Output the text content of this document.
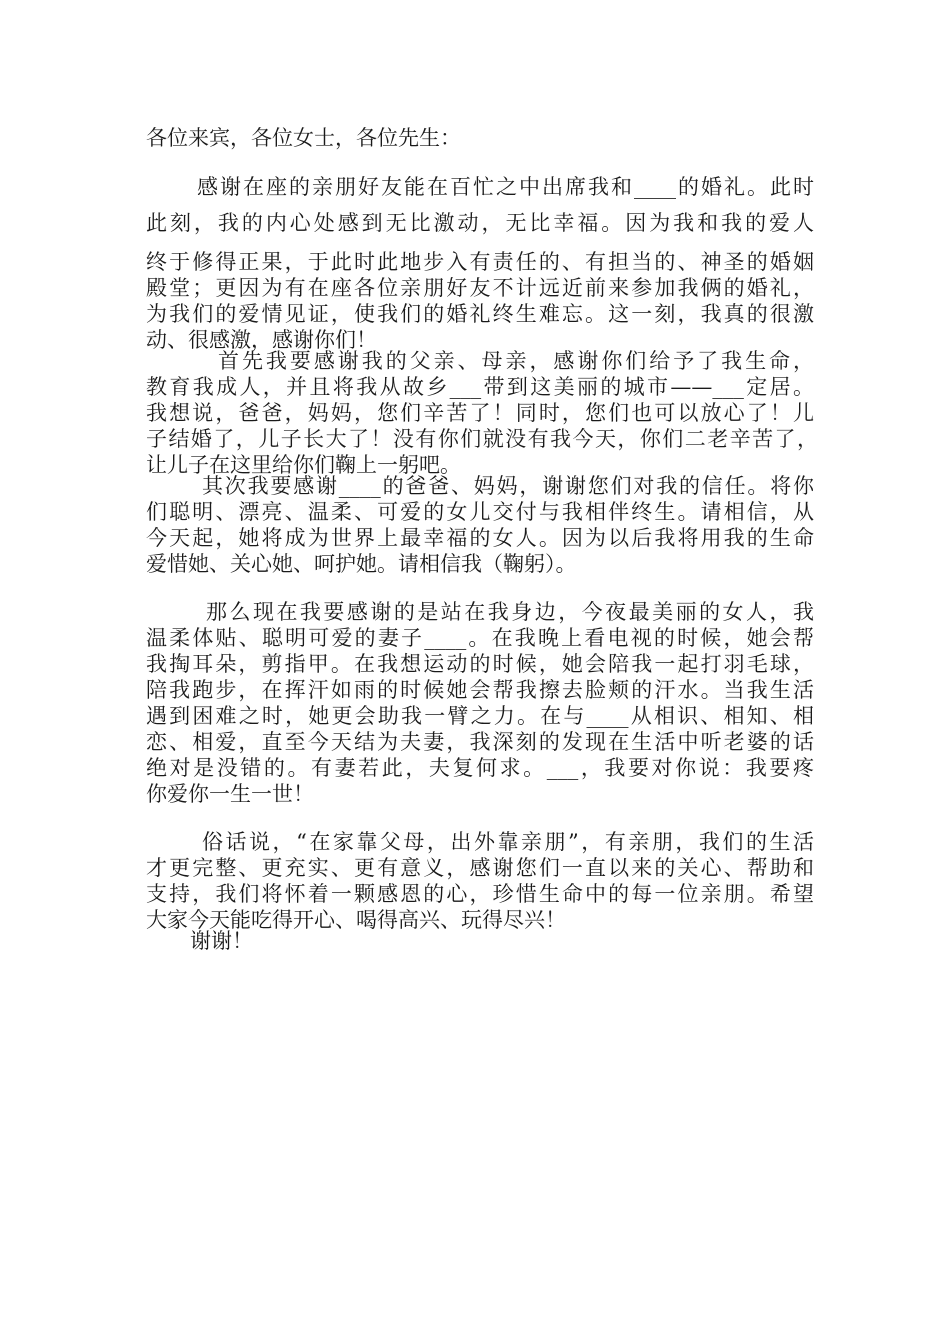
各位来宾，各位女士，各位先生：
感谢在座的亲朋好友能在百忙之中出席我和____的婚礼。此时
此刻，我的内心处感到无比激动，无比幸福。因为我和我的爱人
终于修得正果，于此时此地步入有责任的、有担当的、神圣的婚姻
殿堂；更因为有在座各位亲朋好友不计远近前来参加我俩的婚礼，
为我们的爱情见证，使我们的婚礼终生难忘。这一刻，我真的很激
动、很感激，感谢你们！
首先我要感谢我的父亲、母亲，感谢你们给予了我生命，
教育我成人，并且将我从故乡___带到这美丽的城市——___定居。
我想说，爸爸，妈妈，您们辛苦了！同时，您们也可以放心了！儿
子结婚了，儿子长大了！没有你们就没有我今天，你们二老辛苦了，
让儿子在这里给你们鞠上一躬吧。
其次我要感谢____的爸爸、妈妈，谢谢您们对我的信任。将你
们聪明、漂亮、温柔、可爱的女儿交付与我相伴终生。请相信，从
今天起，她将成为世界上最幸福的女人。因为以后我将用我的生命
爱惜她、关心她、呵护她。请相信我（鞠躬）。
那么现在我要感谢的是站在我身边，今夜最美丽的女人，我
温柔体贴、聪明可爱的妻子____。在我晚上看电视的时候，她会帮
我掏耳朵，剪指甲。在我想运动的时候，她会陪我一起打羽毛球，
陪我跑步，在挥汗如雨的时候她会帮我擦去脸颊的汗水。当我生活
遇到困难之时，她更会助我一臂之力。在与____从相识、相知、相
恋、相爱，直至今天结为夫妻，我深刻的发现在生活中听老婆的话
绝对是没错的。有妻若此，夫复何求。___，我要对你说：我要疼
你爱你一生一世！
俗话说，“在家靠父母，出外靠亲朋”，有亲朋，我们的生活
才更完整、更充实、更有意义，感谢您们一直以来的关心、帮助和
支持，我们将怀着一颗感恩的心，珍惜生命中的每一位亲朋。希望
大家今天能吃得开心、喝得高兴、玩得尽兴！
谢谢！
